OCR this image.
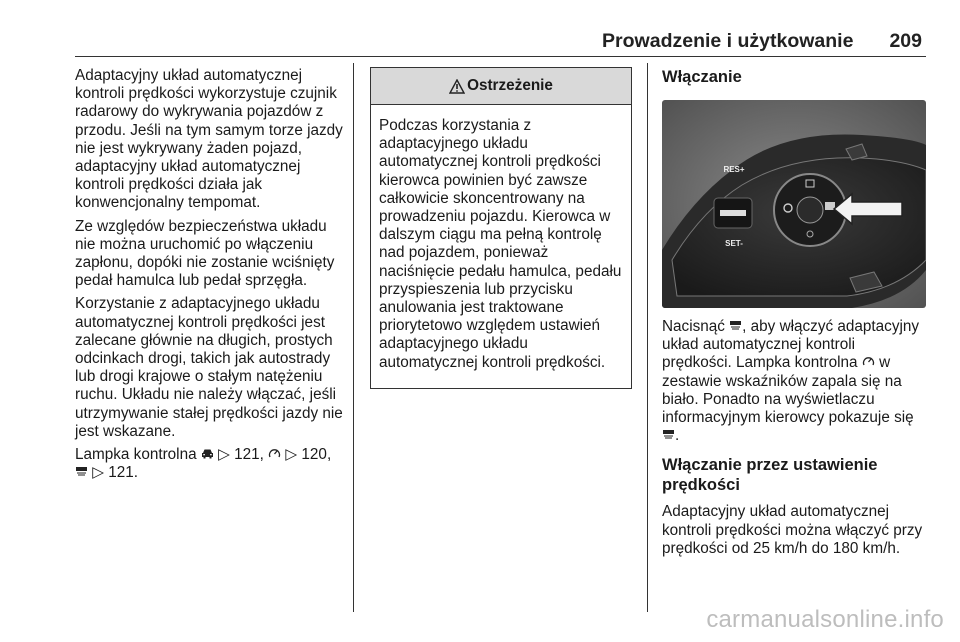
Prowadzenie i użytkowanie 209

Adaptacyjny układ automatycznej kontroli prędkości wykorzystuje czujnik radarowy do wykrywania pojazdów z przodu. Jeśli na tym samym torze jazdy nie jest wykrywany żaden pojazd, adaptacyjny układ automatycznej kontroli prędkości działa jak konwencjonalny tempomat.

Ze względów bezpieczeństwa układu nie można uruchomić po włączeniu zapłonu, dopóki nie zostanie wciśnięty pedał hamulca lub pedał sprzęgła.

Korzystanie z adaptacyjnego układu automatycznej kontroli prędkości jest zalecane głównie na długich, prostych odcinkach drogi, takich jak autostrady lub drogi krajowe o stałym natężeniu ruchu. Układu nie należy włączać, jeśli utrzymywanie stałej prędkości jazdy nie jest wskazane.

Lampka kontrolna ▷ 121, ▷ 120,
▷ 121.

Ostrzeżenie
Podczas korzystania z adaptacyjnego układu automatycznej kontroli prędkości kierowca powinien być zawsze całkowicie skoncentrowany na prowadzeniu pojazdu. Kierowca w dalszym ciągu ma pełną kontrolę nad pojazdem, ponieważ naciśnięcie pedału hamulca, pedału przyspieszenia lub przycisku anulowania jest traktowane priorytetowo względem ustawień adaptacyjnego układu automatycznej kontroli prędkości.
Włączanie
RES+
SET-

Nacisnąć , aby włączyć adaptacyjny układ automatycznej kontroli prędkości. Lampka kontrolna w zestawie wskaźników zapala się na biało. Ponadto na wyświetlaczu informacyjnym kierowcy pokazuje się .

Włączanie przez ustawienie prędkości

Adaptacyjny układ automatycznej kontroli prędkości można włączyć przy prędkości od 25 km/h do 180 km/h.

carmanualsonline.info
